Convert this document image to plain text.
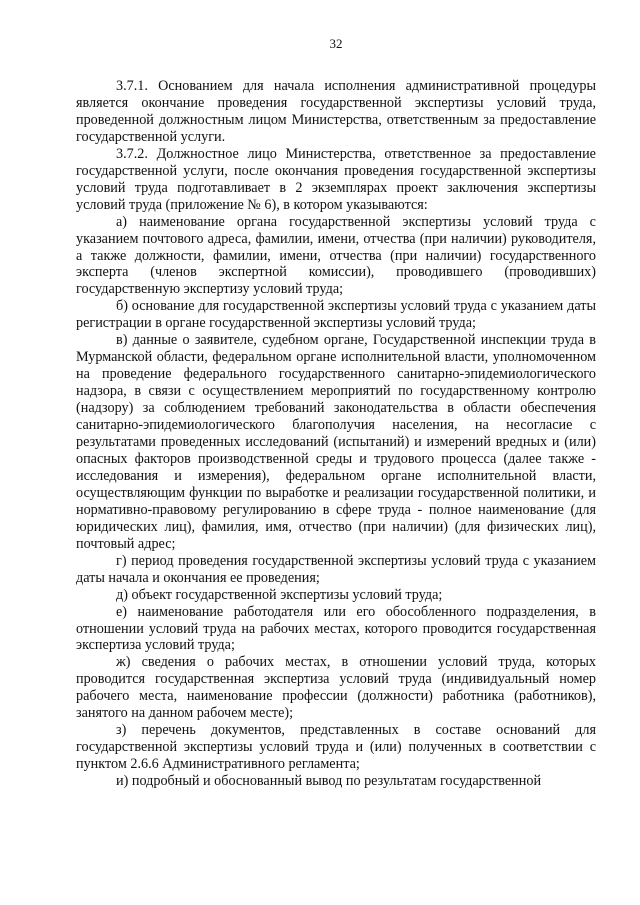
32

3.7.1. Основанием для начала исполнения административной процедуры является окончание проведения государственной экспертизы условий труда, проведенной должностным лицом Министерства, ответственным за предоставление государственной услуги.

3.7.2. Должностное лицо Министерства, ответственное за предоставление государственной услуги, после окончания проведения государственной экспертизы условий труда подготавливает в 2 экземплярах проект заключения экспертизы условий труда (приложение № 6), в котором указываются:

а) наименование органа государственной экспертизы условий труда с указанием почтового адреса, фамилии, имени, отчества (при наличии) руководителя, а также должности, фамилии, имени, отчества (при наличии) государственного эксперта (членов экспертной комиссии), проводившего (проводивших) государственную экспертизу условий труда;

б) основание для государственной экспертизы условий труда с указанием даты регистрации в органе государственной экспертизы условий труда;

в) данные о заявителе, судебном органе, Государственной инспекции труда в Мурманской области, федеральном органе исполнительной власти, уполномоченном на проведение федерального государственного санитарно-эпидемиологического надзора, в связи с осуществлением мероприятий по государственному контролю (надзору) за соблюдением требований законодательства в области обеспечения санитарно-эпидемиологического благополучия населения, на несогласие с результатами проведенных исследований (испытаний) и измерений вредных и (или) опасных факторов производственной среды и трудового процесса (далее также - исследования и измерения), федеральном органе исполнительной власти, осуществляющим функции по выработке и реализации государственной политики, и нормативно-правовому регулированию в сфере труда - полное наименование (для юридических лиц), фамилия, имя, отчество (при наличии) (для физических лиц), почтовый адрес;

г) период проведения государственной экспертизы условий труда с указанием даты начала и окончания ее проведения;

д) объект государственной экспертизы условий труда;

е) наименование работодателя или его обособленного подразделения, в отношении условий труда на рабочих местах, которого проводится государственная экспертиза условий труда;

ж) сведения о рабочих местах, в отношении условий труда, которых проводится государственная экспертиза условий труда (индивидуальный номер рабочего места, наименование профессии (должности) работника (работников), занятого на данном рабочем месте);

з) перечень документов, представленных в составе оснований для государственной экспертизы условий труда и (или) полученных в соответствии с пунктом 2.6.6 Административного регламента;

и) подробный и обоснованный вывод по результатам государственной
